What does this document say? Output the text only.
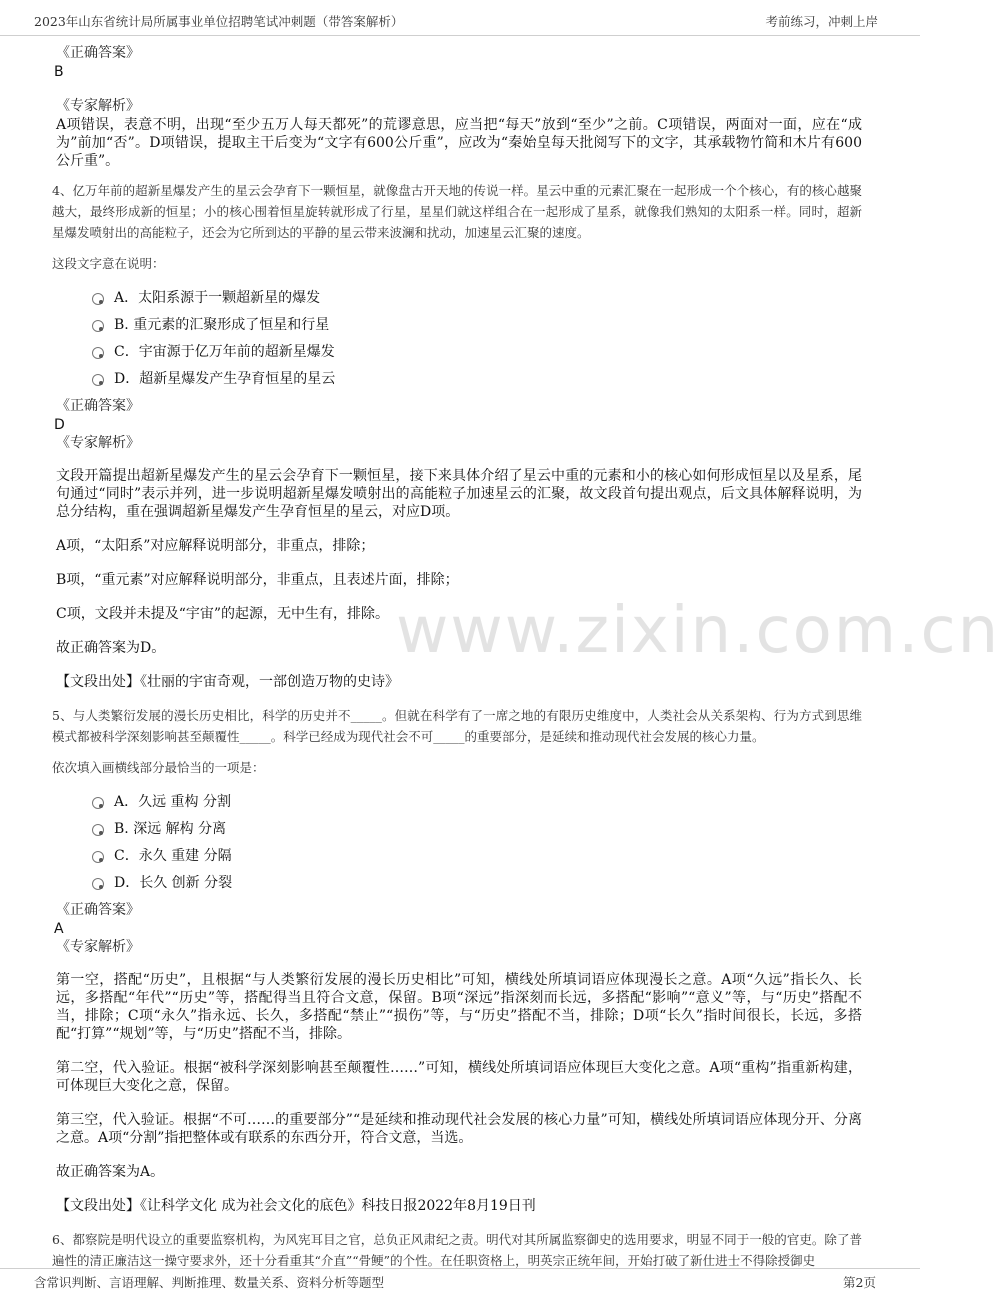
2023年山东省统计局所属事业单位招聘笔试冲刺题（带答案解析）	考前练习，冲刺上岸
www.zixin.com.cn
《正确答案》
B
《专家解析》
A项错误，表意不明，出现“至少五万人每天都死”的荒谬意思，应当把“每天”放到“至少”之前。C项错误，两面对一面，应在“成为”前加“否”。D项错误，提取主干后变为“文字有600公斤重”，应改为“秦始皇每天批阅写下的文字，其承载物竹简和木片有600公斤重”。
4、亿万年前的超新星爆发产生的星云会孕育下一颗恒星，就像盘古开天地的传说一样。星云中重的元素汇聚在一起形成一个个核心，有的核心越聚越大，最终形成新的恒星；小的核心围着恒星旋转就形成了行星，星星们就这样组合在一起形成了星系，就像我们熟知的太阳系一样。同时，超新星爆发喷射出的高能粒子，还会为它所到达的平静的星云带来波澜和扰动，加速星云汇聚的速度。
这段文字意在说明：
A．太阳系源于一颗超新星的爆发
B. 重元素的汇聚形成了恒星和行星
C．宇宙源于亿万年前的超新星爆发
D．超新星爆发产生孕育恒星的星云
《正确答案》
D
《专家解析》
文段开篇提出超新星爆发产生的星云会孕育下一颗恒星，接下来具体介绍了星云中重的元素和小的核心如何形成恒星以及星系，尾句通过“同时”表示并列，进一步说明超新星爆发喷射出的高能粒子加速星云的汇聚，故文段首句提出观点，后文具体解释说明，为总分结构，重在强调超新星爆发产生孕育恒星的星云，对应D项。
A项，“太阳系”对应解释说明部分，非重点，排除；
B项，“重元素”对应解释说明部分，非重点，且表述片面，排除；
C项，文段并未提及“宇宙”的起源，无中生有，排除。
故正确答案为D。
【文段出处】《壮丽的宇宙奇观，一部创造万物的史诗》
5、与人类繁衍发展的漫长历史相比，科学的历史并不_____。但就在科学有了一席之地的有限历史维度中，人类社会从关系架构、行为方式到思维模式都被科学深刻影响甚至颠覆性_____。科学已经成为现代社会不可_____的重要部分，是延续和推动现代社会发展的核心力量。
依次填入画横线部分最恰当的一项是：
A．久远 重构 分割
B. 深远 解构 分离
C．永久 重建 分隔
D．长久 创新 分裂
《正确答案》
A
《专家解析》
第一空，搭配“历史”，且根据“与人类繁衍发展的漫长历史相比”可知，横线处所填词语应体现漫长之意。A项“久远”指长久、长远，多搭配“年代”“历史”等，搭配得当且符合文意，保留。B项“深远”指深刻而长远，多搭配“影响”“意义”等，与“历史”搭配不当，排除；C项“永久”指永远、长久，多搭配“禁止”“损伤”等，与“历史”搭配不当，排除；D项“长久”指时间很长，长远，多搭配“打算”“规划”等，与“历史”搭配不当，排除。
第二空，代入验证。根据“被科学深刻影响甚至颠覆性……”可知，横线处所填词语应体现巨大变化之意。A项“重构”指重新构建，可体现巨大变化之意，保留。
第三空，代入验证。根据“不可……的重要部分”“是延续和推动现代社会发展的核心力量”可知，横线处所填词语应体现分开、分离之意。A项“分割”指把整体或有联系的东西分开，符合文意，当选。
故正确答案为A。
【文段出处】《让科学文化 成为社会文化的底色》科技日报2022年8月19日刊
6、都察院是明代设立的重要监察机构，为风宪耳目之官，总负正风肃纪之责。明代对其所属监察御史的选用要求，明显不同于一般的官吏。除了普遍性的清正廉洁这一操守要求外，还十分看重其“介直”“骨鲠”的个性。在任职资格上，明英宗正统年间，开始打破了新仕进士不得除授御史
含常识判断、言语理解、判断推理、数量关系、资料分析等题型	第2页
